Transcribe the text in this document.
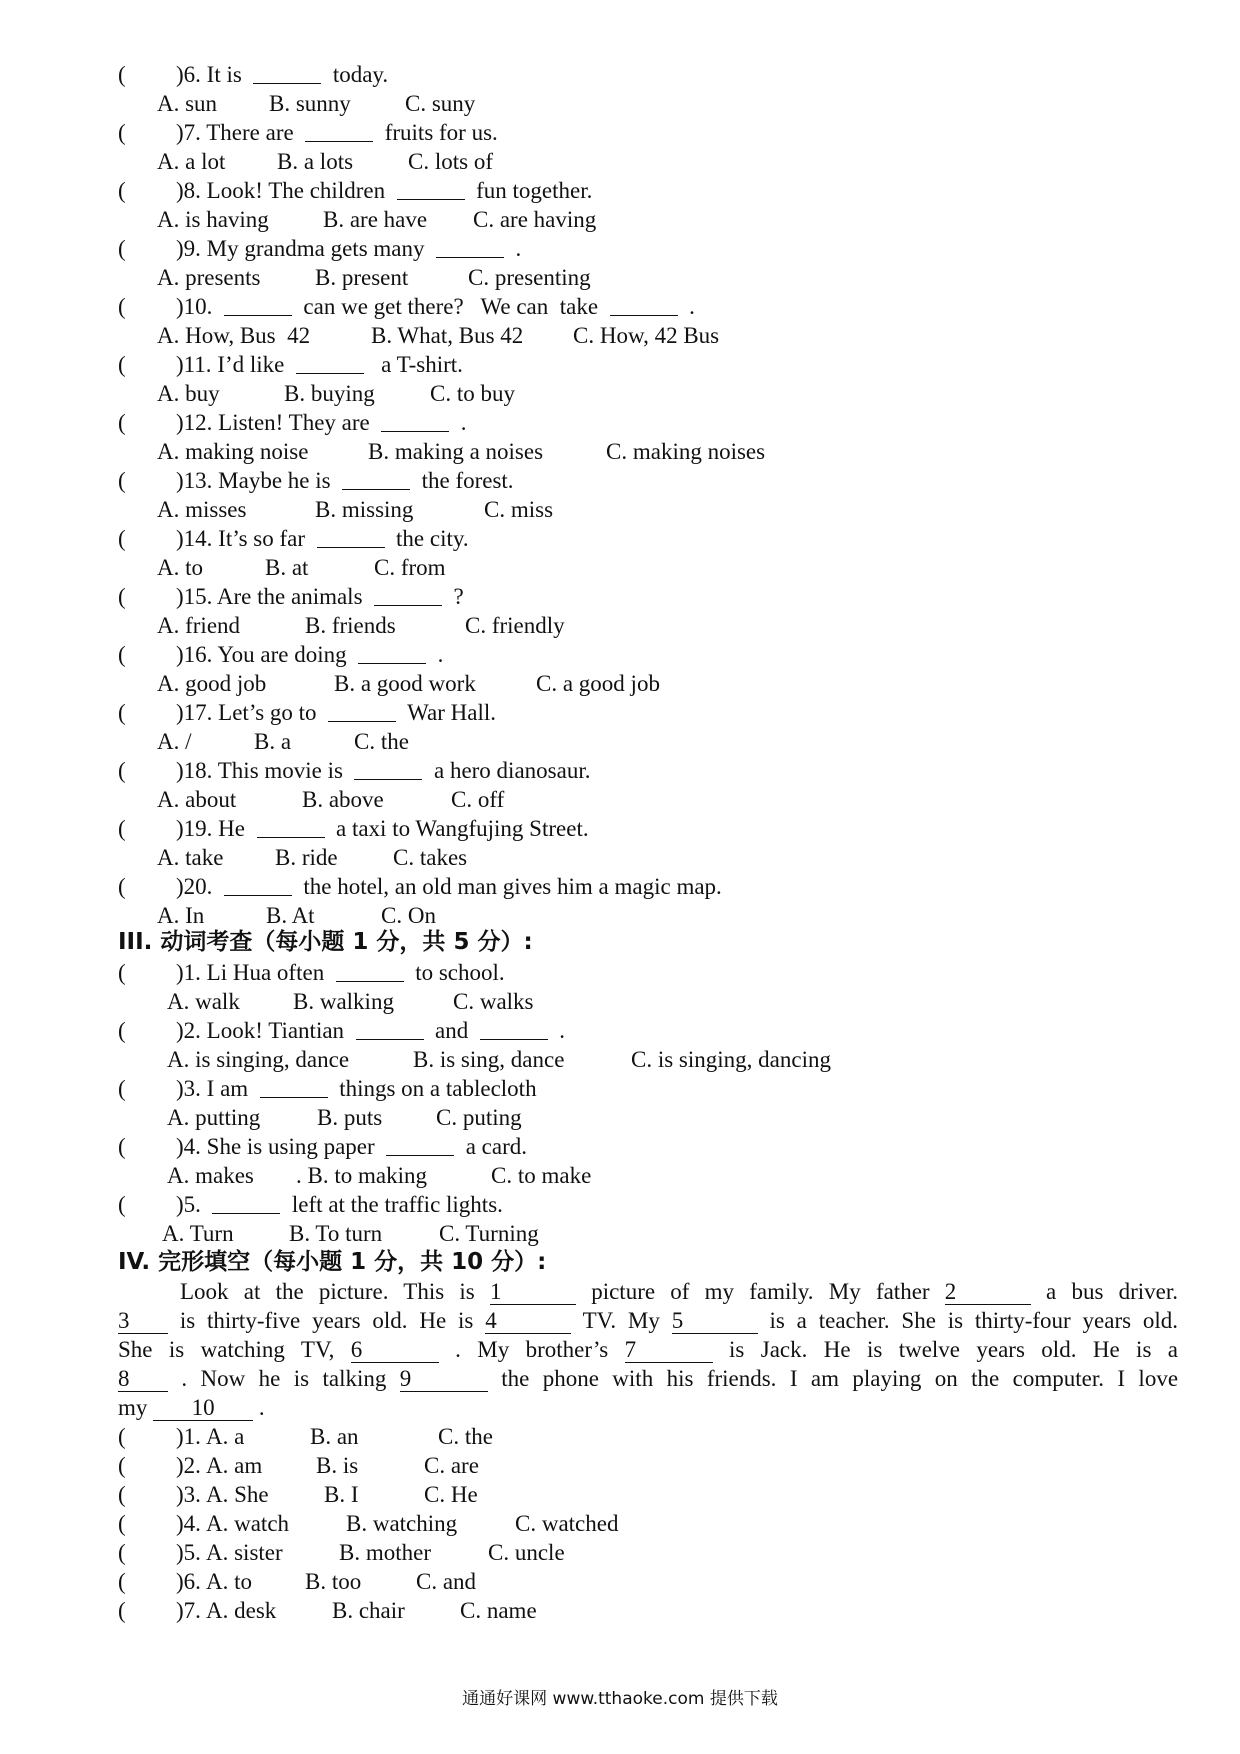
( )6. It is	today.
A. sun B. sunny C. suny
( )7. There are	fruits for us.
A. a lot B. a lots C. lots of
( )8. Look! The children	fun together.
A. is having B. are have C. are having
( )9. My grandma gets many	.
A. presents B. present	C. presenting
( )10.	can we get there?   We can  take	.
A. How, Bus  42	B. What, Bus 42 C. How, 42 Bus
( )11. I’d like	a T-shirt.
A. buy	B. buying C. to buy
( )12. Listen! They are	.
A. making noise	B. making a noises	C. making noises
( )13. Maybe he is	the forest.
A. misses	B. missing	C. miss
( )14. It’s so far	the city.
A. to	B. at	C. from
( )15. Are the animals	?
A. friend	B. friends	C. friendly
( )16. You are doing	.
A. good job	B. a good work	C. a good job
( )17. Let’s go to	War Hall.
A. /	B. a	C. the
( )18. This movie is	a hero dianosaur.
A. about	B. above	C. off
( )19. He	a taxi to Wangfujing Street.
A. take B. ride C. takes
( )20.	the hotel, an old man gives him a magic map.
A. In	B. At	C. On
III. 动词考查（每小题 1 分，共 5 分）:
( )1. Li Hua often	to school.
A. walk B. walking	C. walks
( )2. Look! Tiantian	and	.
A. is singing, dance	B. is sing, dance	C. is singing, dancing
( )3. I am	things on a tablecloth
A. putting B. puts C. puting
( )4. She is using paper	a card.
A. makes . B. to making	C. to make
( )5.	left at the traffic lights.
A. Turn B. To turn C. Turning
IV. 完形填空（每小题 1 分，共 10 分）:
Look at the picture. This is 1	picture of my family. My father 2	a bus driver.
3 is thirty-five years old. He is 4	TV. My 5	is a teacher. She is thirty-four years old.
She is watching TV, 6	. My brother’s 7	is Jack. He is twelve years old. He is a
8 . Now he is talking 9	the phone with his friends. I am playing on the computer. I love
my 10 .
( )1. A. a	B. an	C. the
( )2. A. am B. is	C. are
( )3. A. She B. I	C. He
( )4. A. watch B. watching	C. watched
( )5. A. sister B. mother C. uncle
( )6. A. to B. too C. and
( )7. A. desk B. chair C. name
通通好课网 www.tthaoke.com 提供下载
